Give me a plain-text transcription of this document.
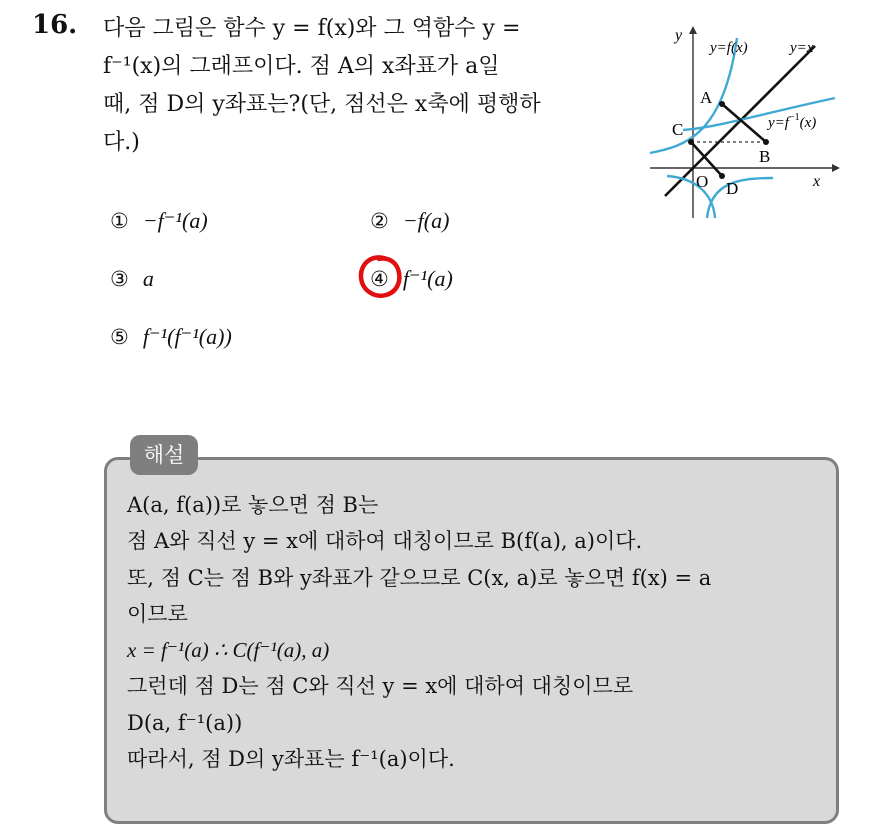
16. 다음 그림은 함수 y = f(x)와 그 역함수 y =
f⁻¹(x)의 그래프이다. 점 A의 x좌표가 a일
때, 점 D의 y좌표는?(단, 점선은 x축에 평행하
다.)
y
x
y=f(x)	y=x
$y=f^{-1}(x)$
A
B
C
D
O
① −f⁻¹(a)	② −f(a)
③ a	④ f⁻¹(a)
⑤ f⁻¹(f⁻¹(a))
해설
A(a, f(a))로 놓으면 점 B는
점 A와 직선 y = x에 대하여 대칭이므로 B(f(a), a)이다.
또, 점 C는 점 B와 y좌표가 같으므로 C(x, a)로 놓으면 f(x) = a
이므로
x = f⁻¹(a) ∴ C(f⁻¹(a), a)
그런데 점 D는 점 C와 직선 y = x에 대하여 대칭이므로
D(a, f⁻¹(a))
따라서, 점 D의 y좌표는 f⁻¹(a)이다.
